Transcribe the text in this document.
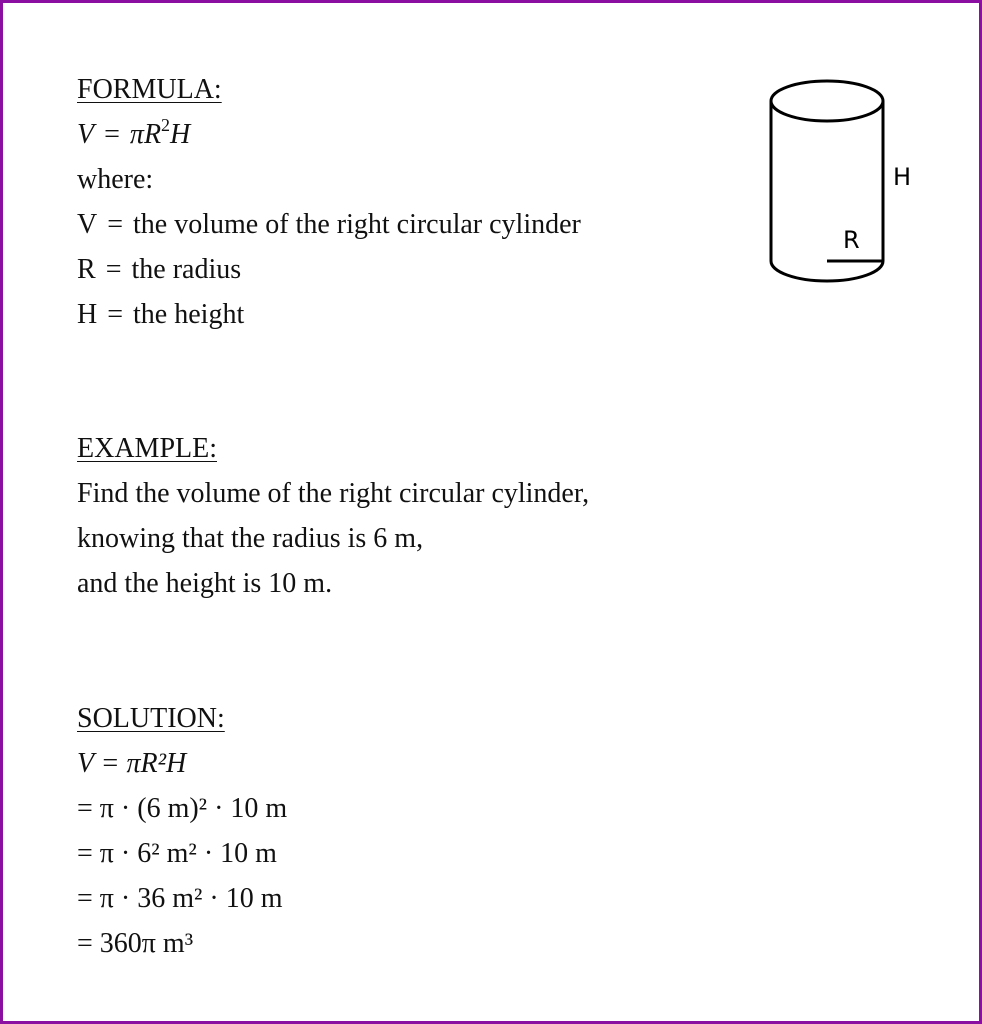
FORMULA:
$V = \pi R^2H$
where:
V = the volume of the right circular cylinder
R = the radius
H = the height
H
R
EXAMPLE:
Find the volume of the right circular cylinder,
knowing that the radius is 6 m,
and the height is 10 m.
SOLUTION:
V = πR²H
= π · (6 m)² · 10 m
= π · 6² m² · 10 m
= π · 36 m² · 10 m
= 360π m³
